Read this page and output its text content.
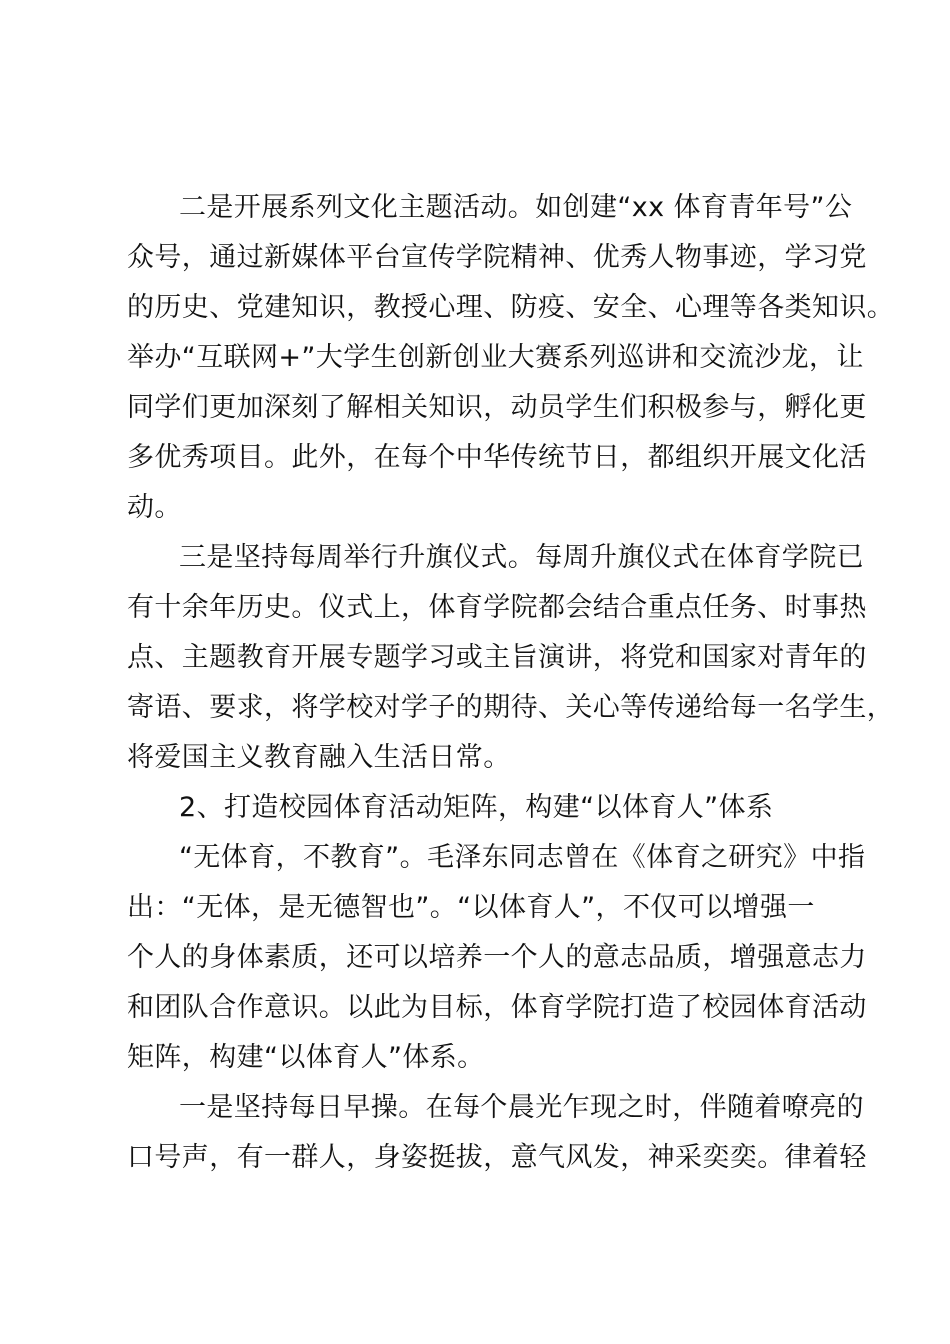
二是开展系列文化主题活动。如创建“xx 体育青年号”公
众号，通过新媒体平台宣传学院精神、优秀人物事迹，学习党
的历史、党建知识，教授心理、防疫、安全、心理等各类知识。
举办“互联网+”大学生创新创业大赛系列巡讲和交流沙龙，让
同学们更加深刻了解相关知识，动员学生们积极参与，孵化更
多优秀项目。此外，在每个中华传统节日，都组织开展文化活
动。
三是坚持每周举行升旗仪式。每周升旗仪式在体育学院已
有十余年历史。仪式上，体育学院都会结合重点任务、时事热
点、主题教育开展专题学习或主旨演讲，将党和国家对青年的
寄语、要求，将学校对学子的期待、关心等传递给每一名学生，
将爱国主义教育融入生活日常。
2、打造校园体育活动矩阵，构建“以体育人”体系
“无体育，不教育”。毛泽东同志曾在《体育之研究》中指
出：“无体，是无德智也”。“以体育人”，不仅可以增强一
个人的身体素质，还可以培养一个人的意志品质，增强意志力
和团队合作意识。以此为目标，体育学院打造了校园体育活动
矩阵，构建“以体育人”体系。
一是坚持每日早操。在每个晨光乍现之时，伴随着嘹亮的
口号声，有一群人，身姿挺拔，意气风发，神采奕奕。律着轻
